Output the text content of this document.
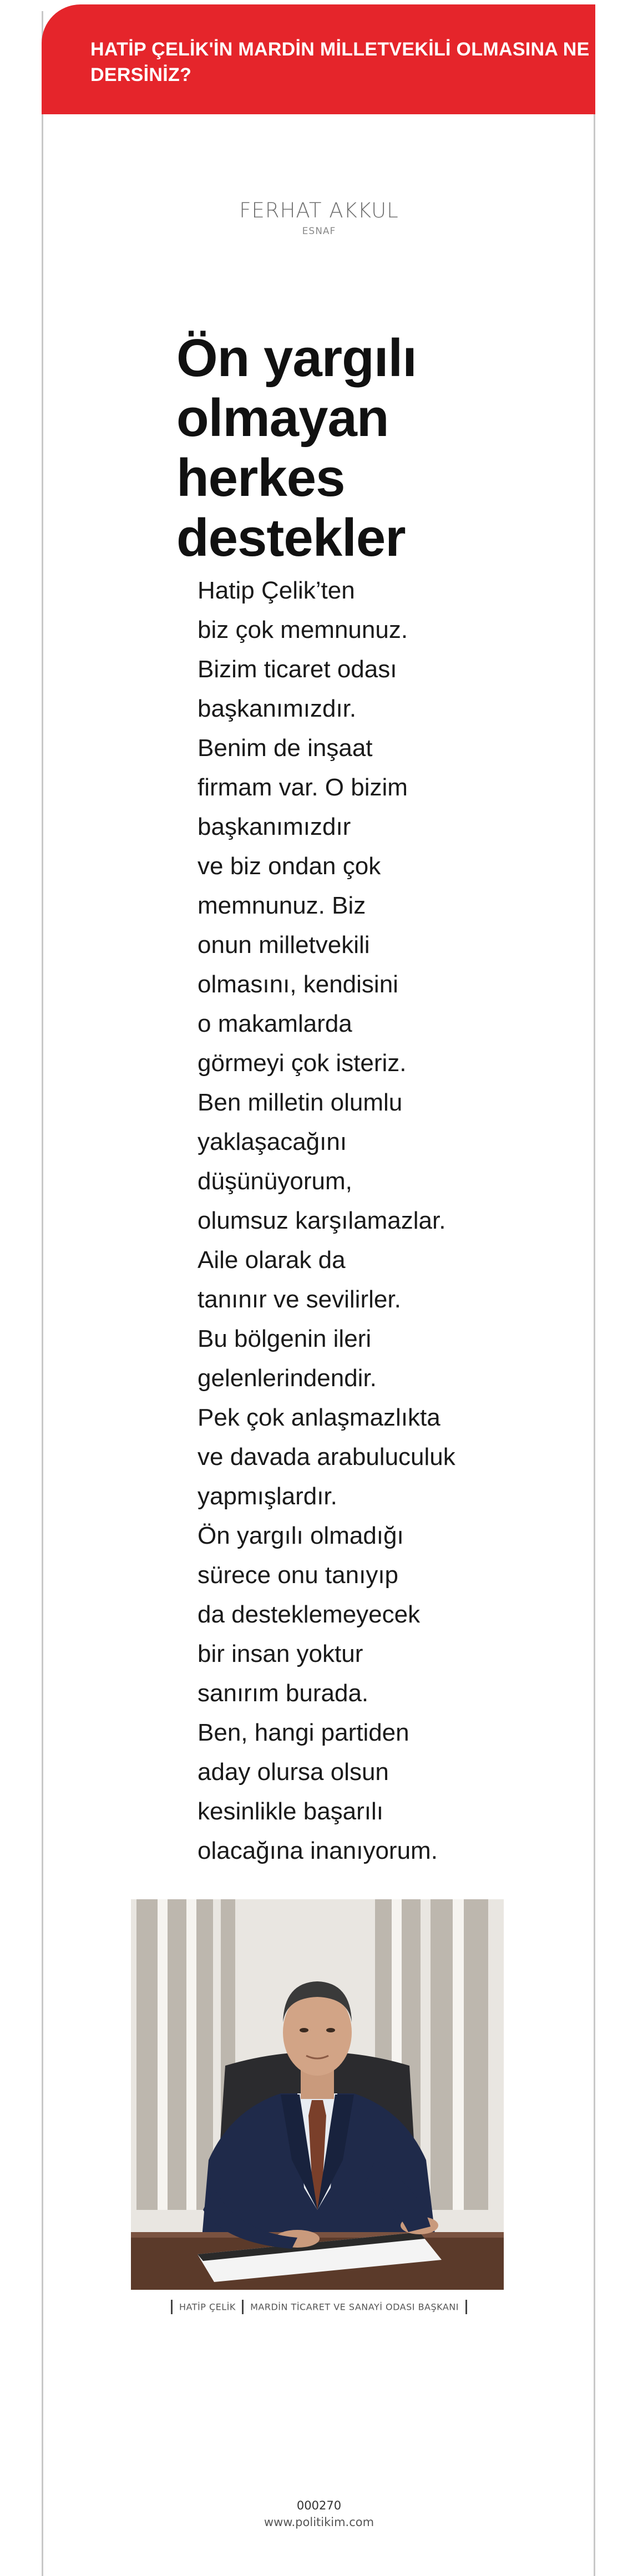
HATİP ÇELİK'İN MARDİN MİLLETVEKİLİ OLMASINA NE DERSİNİZ?
FERHAT AKKUL
ESNAF
Ön yargılı
olmayan
herkes
destekler
Hatip Çelik’ten
biz çok memnunuz.
Bizim ticaret odası
başkanımızdır.
Benim de inşaat
firmam var. O bizim
başkanımızdır
ve biz ondan çok
memnunuz. Biz
onun milletvekili
olmasını, kendisini
o makamlarda
görmeyi çok isteriz.
Ben milletin olumlu
yaklaşacağını
düşünüyorum,
olumsuz karşılamazlar.
Aile olarak da
tanınır ve sevilirler.
Bu bölgenin ileri
gelenlerindendir.
Pek çok anlaşmazlıkta
ve davada arabuluculuk
yapmışlardır.
Ön yargılı olmadığı
sürece onu tanıyıp
da desteklemeyecek
bir insan yoktur
sanırım burada.
Ben, hangi partiden
aday olursa olsun
kesinlikle başarılı
olacağına inanıyorum.
HATİP ÇELİK MARDİN TİCARET VE SANAYİ ODASI BAŞKANI
000270
www.politikim.com
